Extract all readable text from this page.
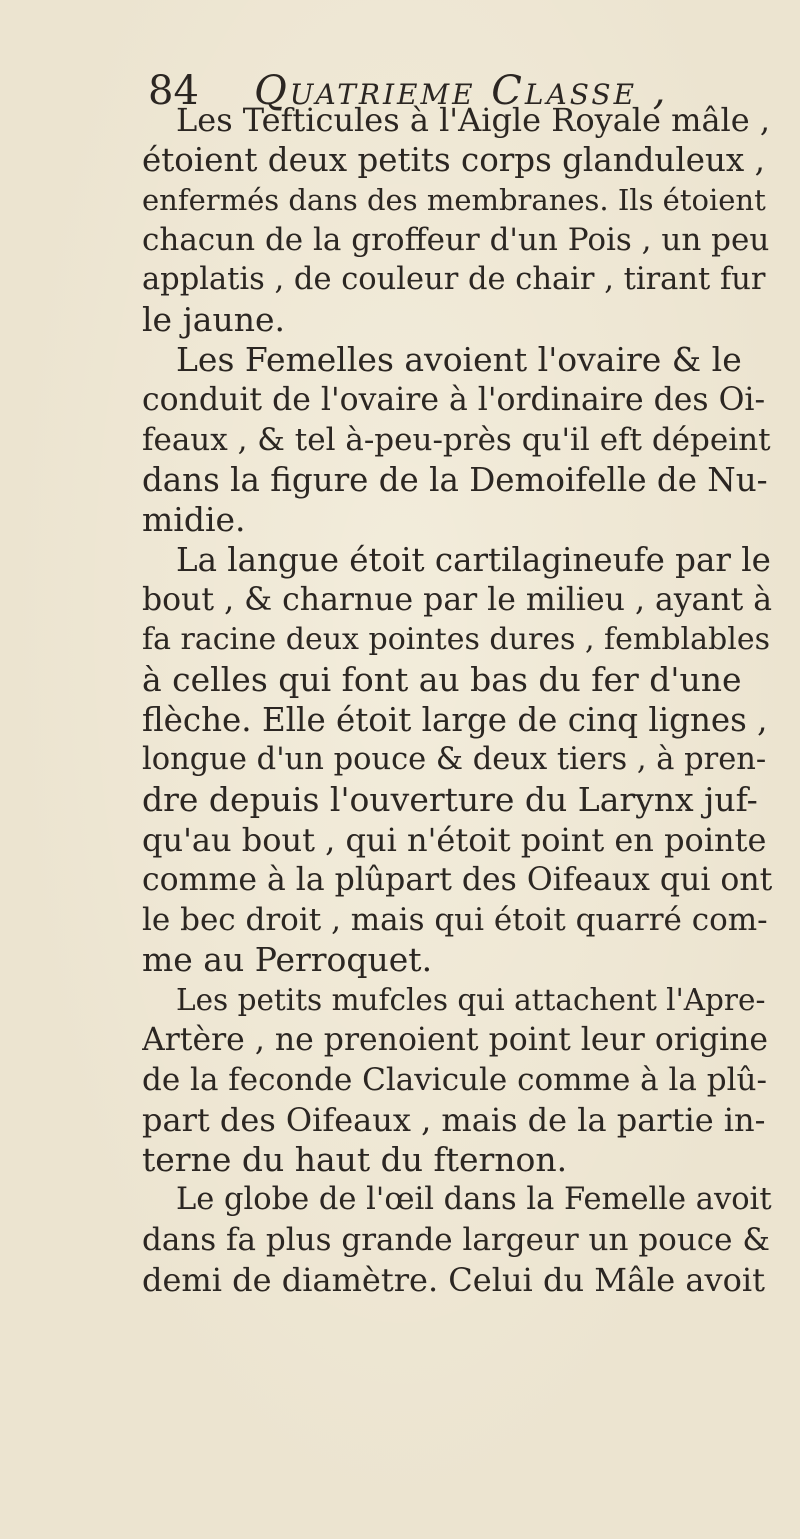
84 Quatrieme Classe ,
Les Tefticules à l'Aigle Royale mâle ,
étoient deux petits corps glanduleux ,
enfermés dans des membranes. Ils étoient
chacun de la groffeur d'un Pois , un peu
applatis , de couleur de chair , tirant fur
le jaune.
Les Femelles avoient l'ovaire & le
conduit de l'ovaire à l'ordinaire des Oi-
feaux , & tel à-peu-près qu'il eft dépeint
dans la figure de la Demoifelle de Nu-
midie.
La langue étoit cartilagineufe par le
bout , & charnue par le milieu , ayant à
fa racine deux pointes dures , femblables
à celles qui font au bas du fer d'une
flèche. Elle étoit large de cinq lignes ,
longue d'un pouce & deux tiers , à pren-
dre depuis l'ouverture du Larynx juf-
qu'au bout , qui n'étoit point en pointe
comme à la plûpart des Oifeaux qui ont
le bec droit , mais qui étoit quarré com-
me au Perroquet.
Les petits mufcles qui attachent l'Apre-
Artère , ne prenoient point leur origine
de la feconde Clavicule comme à la plû-
part des Oifeaux , mais de la partie in-
terne du haut du fternon.
Le globe de l'œil dans la Femelle avoit
dans fa plus grande largeur un pouce &
demi de diamètre. Celui du Mâle avoit
